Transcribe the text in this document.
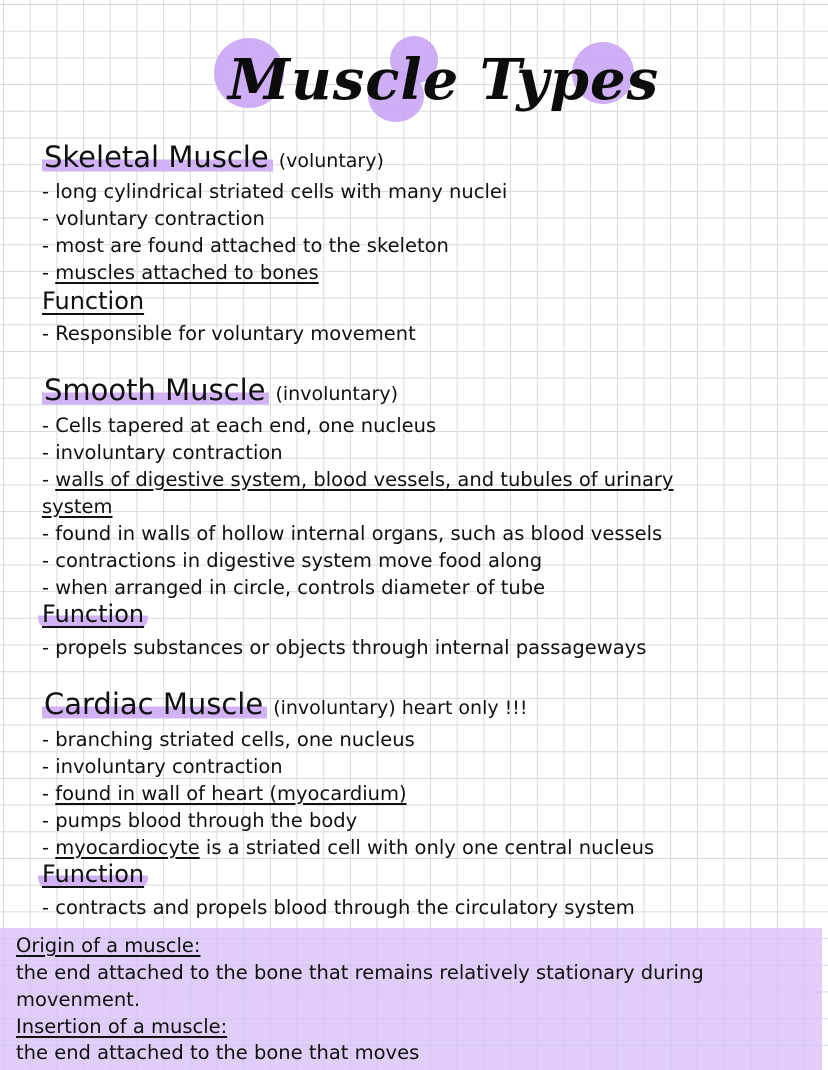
Muscle Types
Skeletal Muscle (voluntary)
- long cylindrical striated cells with many nuclei
- voluntary contraction
- most are found attached to the skeleton
- muscles attached to bones
Function
- Responsible for voluntary movement
Smooth Muscle (involuntary)
- Cells tapered at each end, one nucleus
- involuntary contraction
- walls of digestive system, blood vessels, and tubules of urinary
system
- found in walls of hollow internal organs, such as blood vessels
- contractions in digestive system move food along
- when arranged in circle, controls diameter of tube
Function
- propels substances or objects through internal passageways
Cardiac Muscle (involuntary) heart only !!!
- branching striated cells, one nucleus
- involuntary contraction
- found in wall of heart (myocardium)
- pumps blood through the body
- myocardiocyte is a striated cell with only one central nucleus
Function
- contracts and propels blood through the circulatory system
Origin of a muscle:
the end attached to the bone that remains relatively stationary during
movenment.
Insertion of a muscle:
the end attached to the bone that moves
